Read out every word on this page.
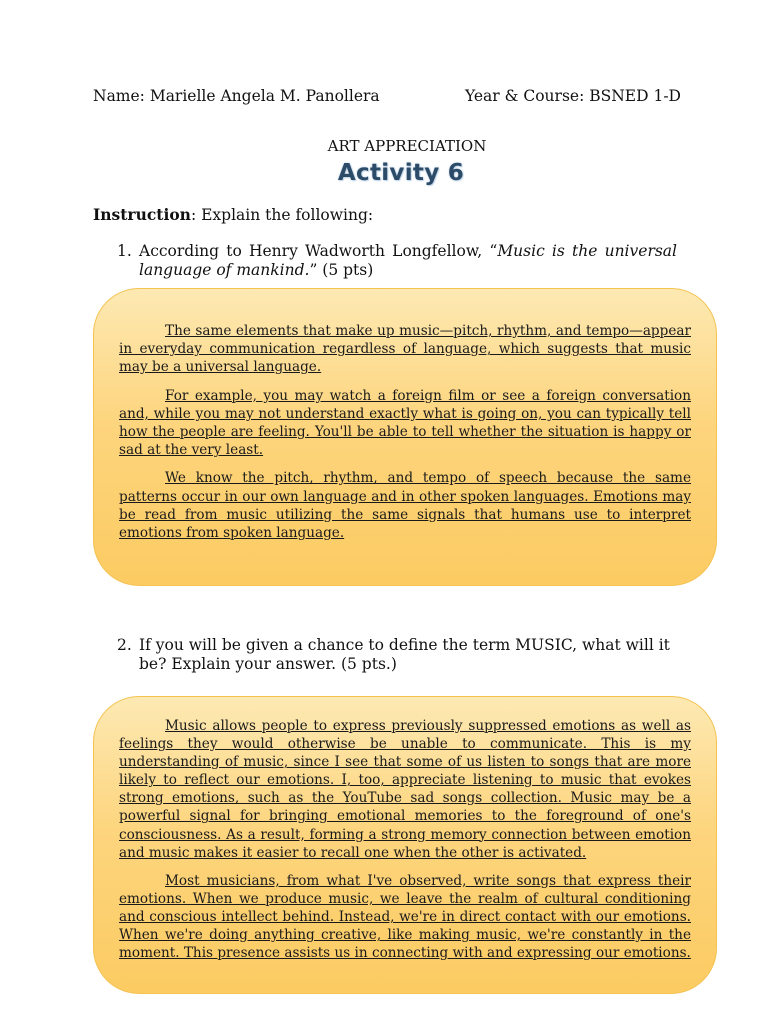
Name: Marielle Angela M. Panollera	Year & Course: BSNED 1-D
ART APPRECIATION
Activity 6
Instruction: Explain the following:
1. According to Henry Wadworth Longfellow, “Music is the universal language of mankind.” (5 pts)

The same elements that make up music—pitch, rhythm, and tempo—appear in everyday communication regardless of language, which suggests that music may be a universal language.

For example, you may watch a foreign film or see a foreign conversation and, while you may not understand exactly what is going on, you can typically tell how the people are feeling. You'll be able to tell whether the situation is happy or sad at the very least.

We know the pitch, rhythm, and tempo of speech because the same patterns occur in our own language and in other spoken languages. Emotions may be read from music utilizing the same signals that humans use to interpret emotions from spoken language.

2. If you will be given a chance to define the term MUSIC, what will it be? Explain your answer. (5 pts.)

Music allows people to express previously suppressed emotions as well as feelings they would otherwise be unable to communicate. This is my understanding of music, since I see that some of us listen to songs that are more likely to reflect our emotions. I, too, appreciate listening to music that evokes strong emotions, such as the YouTube sad songs collection. Music may be a powerful signal for bringing emotional memories to the foreground of one's consciousness. As a result, forming a strong memory connection between emotion and music makes it easier to recall one when the other is activated.

Most musicians, from what I've observed, write songs that express their emotions. When we produce music, we leave the realm of cultural conditioning and conscious intellect behind. Instead, we're in direct contact with our emotions. When we're doing anything creative, like making music, we're constantly in the moment. This presence assists us in connecting with and expressing our emotions.
